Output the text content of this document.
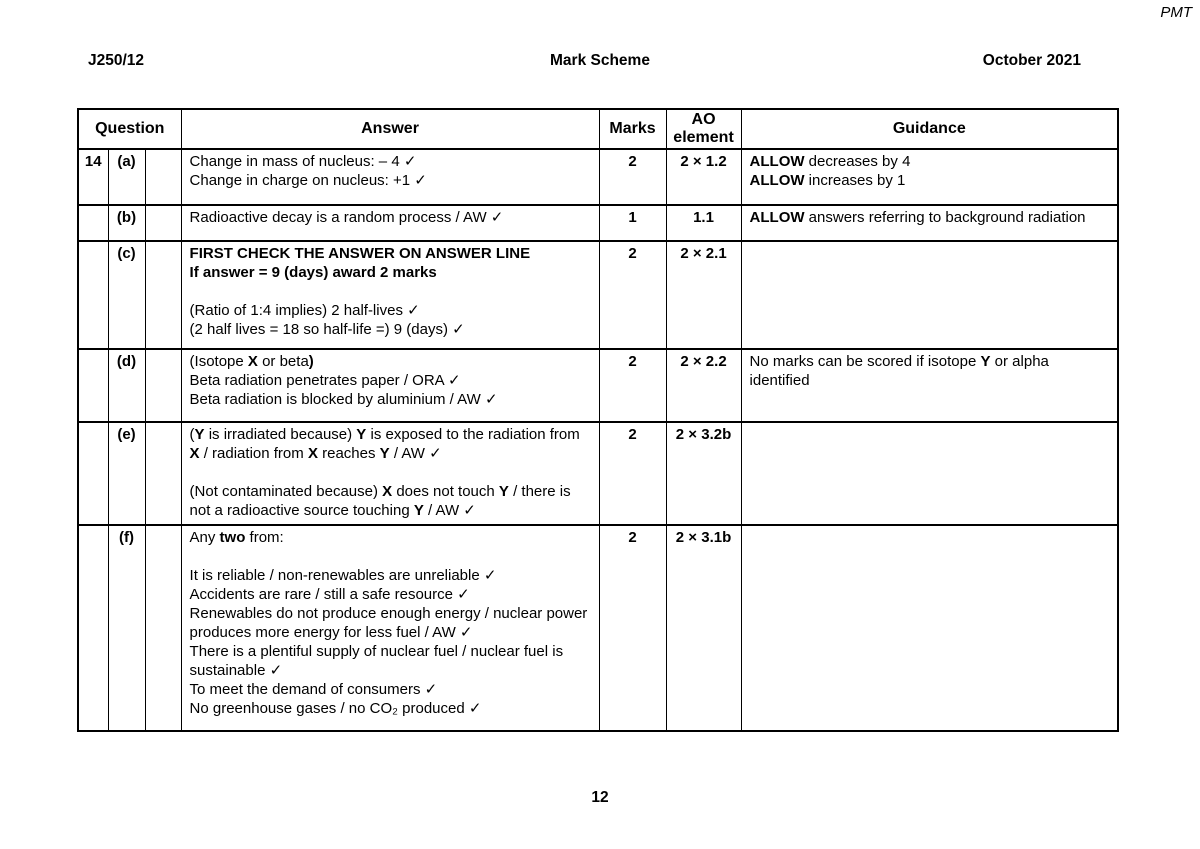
PMT
J250/12	Mark Scheme	October 2021
Question			Answer	Marks	AO element	Guidance
14	(a)		Change in mass of nucleus: – 4 ✓
Change in charge on nucleus: +1 ✓
	2	2 × 1.2	ALLOW decreases by 4
ALLOW increases by 1

	(b)		Radioactive decay is a random process / AW ✓	1	1.1	ALLOW answers referring to background radiation

	(c)		FIRST CHECK THE ANSWER ON ANSWER LINE
If answer = 9 (days) award 2 marks

(Ratio of 1:4 implies) 2 half-lives ✓
(2 half lives = 18 so half-life =) 9 (days) ✓	2	2 × 2.1	
	(d)		(Isotope X or beta)
Beta radiation penetrates paper / ORA ✓
Beta radiation is blocked by aluminium / AW ✓	2	2 × 2.2	No marks can be scored if isotope Y or alpha identified

	(e)		(Y is irradiated because) Y is exposed to the radiation from X / radiation from X reaches Y / AW ✓

(Not contaminated because) X does not touch Y / there is not a radioactive source touching Y / AW ✓	2	2 × 3.2b	
	(f)		Any two from:

It is reliable / non-renewables are unreliable ✓
Accidents are rare / still a safe resource ✓
Renewables do not produce enough energy / nuclear power produces more energy for less fuel / AW ✓
There is a plentiful supply of nuclear fuel / nuclear fuel is sustainable ✓
To meet the demand of consumers ✓
No greenhouse gases / no CO₂ produced ✓
	2	2 × 3.1b	
12
